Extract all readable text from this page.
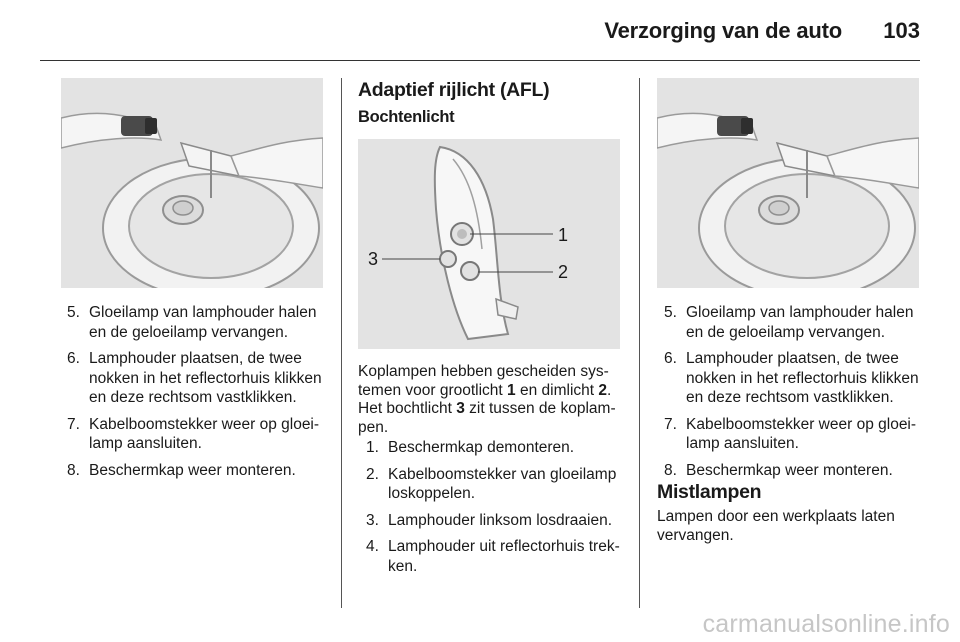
Verzorging van de auto 103
5. Gloeilamp van lamphouder halen en de geloeilamp vervangen.
6. Lamphouder plaatsen, de twee nokken in het reflectorhuis klikken en deze rechtsom vastklikken.
7. Kabelboomstekker weer op gloei-lamp aansluiten.
8. Beschermkap weer monteren.
Adaptief rijlicht (AFL)
Bochtenlicht
1
2
3

Koplampen hebben gescheiden sys-temen voor grootlicht 1 en dimlicht 2. Het bochtlicht 3 zit tussen de koplam-pen.

1. Beschermkap demonteren.
2. Kabelboomstekker van gloeilamp loskoppelen.
3. Lamphouder linksom losdraaien.
4. Lamphouder uit reflectorhuis trek-ken.
5. Gloeilamp van lamphouder halen en de geloeilamp vervangen.
6. Lamphouder plaatsen, de twee nokken in het reflectorhuis klikken en deze rechtsom vastklikken.
7. Kabelboomstekker weer op gloei-lamp aansluiten.
8. Beschermkap weer monteren.
Mistlampen

Lampen door een werkplaats laten vervangen.

carmanualsonline.info
